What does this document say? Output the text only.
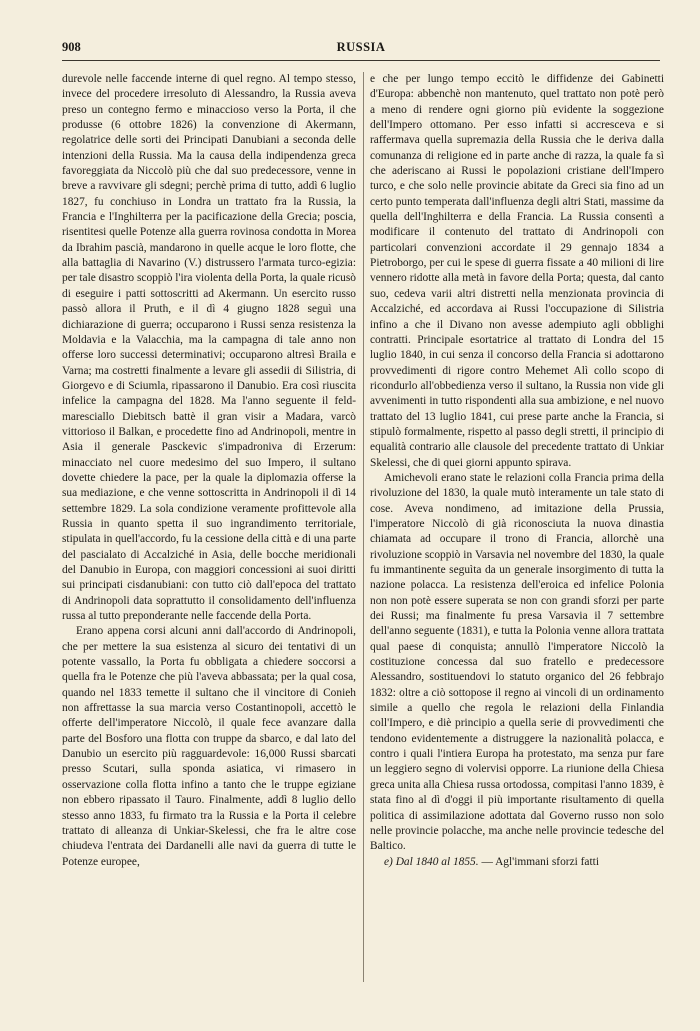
908	RUSSIA

durevole nelle faccende interne di quel regno. Al tempo stesso, invece del procedere irresoluto di Alessandro, la Russia aveva preso un contegno fermo e minaccioso verso la Porta, il che produsse (6 ottobre 1826) la convenzione di Akermann, regolatrice delle sorti dei Principati Danubiani a seconda delle intenzioni della Russia. Ma la causa della indipendenza greca favoreggiata da Niccolò più che dal suo predecessore, venne in breve a ravvivare gli sdegni; perchè prima di tutto, addì 6 luglio 1827, fu conchiuso in Londra un trattato fra la Russia, la Francia e l'Inghilterra per la pacificazione della Grecia; poscia, risentitesi quelle Potenze alla guerra rovinosa condotta in Morea da Ibrahim pascià, mandarono in quelle acque le loro flotte, che alla battaglia di Navarino (V.) distrussero l'armata turco-egizia: per tale disastro scoppiò l'ira violenta della Porta, la quale ricusò di eseguire i patti sottoscritti ad Akermann. Un esercito russo passò allora il Pruth, e il dì 4 giugno 1828 seguì una dichiarazione di guerra; occuparono i Russi senza resistenza la Moldavia e la Valacchia, ma la campagna di tale anno non offerse loro successi determinativi; occuparono altresì Braila e Varna; ma costretti finalmente a levare gli assedii di Silistria, di Giorgevo e di Sciumla, ripassarono il Danubio. Era così riuscita infelice la campagna del 1828. Ma l'anno seguente il feld-maresciallo Diebitsch battè il gran visir a Madara, varcò vittorioso il Balkan, e procedette fino ad Andrinopoli, mentre in Asia il generale Pasckevic s'impadroniva di Erzerum: minacciato nel cuore medesimo del suo Impero, il sultano dovette chiedere la pace, per la quale la diplomazia offerse la sua mediazione, e che venne sottoscritta in Andrinopoli il dì 14 settembre 1829. La sola condizione veramente profittevole alla Russia in quanto spetta il suo ingrandimento territoriale, stipulata in quell'accordo, fu la cessione della città e di una parte del pascialato di Accalziché in Asia, delle bocche meridionali del Danubio in Europa, con maggiori concessioni ai suoi diritti sui principati cisdanubiani: con tutto ciò dall'epoca del trattato di Andrinopoli data soprattutto il consolidamento dell'influenza russa al tutto preponderante nelle faccende della Porta.

Erano appena corsi alcuni anni dall'accordo di Andrinopoli, che per mettere la sua esistenza al sicuro dei tentativi di un potente vassallo, la Porta fu obbligata a chiedere soccorsi a quella fra le Potenze che più l'aveva abbassata; per la qual cosa, quando nel 1833 temette il sultano che il vincitore di Conieh non affrettasse la sua marcia verso Costantinopoli, accettò le offerte dell'imperatore Niccolò, il quale fece avanzare dalla parte del Bosforo una flotta con truppe da sbarco, e dal lato del Danubio un esercito più ragguardevole: 16,000 Russi sbarcati presso Scutari, sulla sponda asiatica, vi rimasero in osservazione colla flotta infino a tanto che le truppe egiziane non ebbero ripassato il Tauro. Finalmente, addì 8 luglio dello stesso anno 1833, fu firmato tra la Russia e la Porta il celebre trattato di alleanza di Unkiar-Skelessi, che fra le altre cose chiudeva l'entrata dei Dardanelli alle navi da guerra di tutte le Potenze europee,

e che per lungo tempo eccitò le diffidenze dei Gabinetti d'Europa: abbenchè non mantenuto, quel trattato non potè però a meno di rendere ogni giorno più evidente la soggezione dell'Impero ottomano. Per esso infatti si accresceva e si raffermava quella supremazia della Russia che le deriva dalla comunanza di religione ed in parte anche di razza, la quale fa sì che aderiscano ai Russi le popolazioni cristiane dell'Impero turco, e che solo nelle provincie abitate da Greci sia fino ad un certo punto temperata dall'influenza degli altri Stati, massime da quella dell'Inghilterra e della Francia. La Russia consentì a modificare il contenuto del trattato di Andrinopoli con particolari convenzioni accordate il 29 gennajo 1834 a Pietroborgo, per cui le spese di guerra fissate a 40 milioni di lire vennero ridotte alla metà in favore della Porta; questa, dal canto suo, cedeva varii altri distretti nella menzionata provincia di Accalziché, ed accordava ai Russi l'occupazione di Silistria infino a che il Divano non avesse adempiuto agli obblighi contratti. Principale esortatrice al trattato di Londra del 15 luglio 1840, in cui senza il concorso della Francia si adottarono provvedimenti di rigore contro Mehemet Alì collo scopo di ricondurlo all'obbedienza verso il sultano, la Russia non vide gli avvenimenti in tutto rispondenti alla sua ambizione, e nel nuovo trattato del 13 luglio 1841, cui prese parte anche la Francia, si stipulò formalmente, rispetto al passo degli stretti, il principio di equalità contrario alle clausole del precedente trattato di Unkiar Skelessi, che di quei giorni appunto spirava.

Amichevoli erano state le relazioni colla Francia prima della rivoluzione del 1830, la quale mutò interamente un tale stato di cose. Aveva nondimeno, ad imitazione della Prussia, l'imperatore Niccolò di già riconosciuta la nuova dinastia chiamata ad occupare il trono di Francia, allorchè una rivoluzione scoppiò in Varsavia nel novembre del 1830, la quale fu immantinente seguìta da un generale insorgimento di tutta la nazione polacca. La resistenza dell'eroica ed infelice Polonia non non potè essere superata se non con grandi sforzi per parte dei Russi; ma finalmente fu presa Varsavia il 7 settembre dell'anno seguente (1831), e tutta la Polonia venne allora trattata qual paese di conquista; annullò l'imperatore Niccolò la costituzione concessa dal suo fratello e predecessore Alessandro, sostituendovi lo statuto organico del 26 febbrajo 1832: oltre a ciò sottopose il regno ai vincoli di un ordinamento simile a quello che regola le relazioni della Finlandia coll'Impero, e diè principio a quella serie di provvedimenti che tendono evidentemente a distruggere la nazionalità polacca, e contro i quali l'intiera Europa ha protestato, ma senza pur fare un leggiero segno di volervisi opporre. La riunione della Chiesa greca unita alla Chiesa russa ortodossa, compitasi l'anno 1839, è stata fino al dì d'oggi il più importante risultamento di quella politica di assimilazione adottata dal Governo russo non solo nelle provincie polacche, ma anche nelle provincie tedesche del Baltico.

e) Dal 1840 al 1855. — Agl'immani sforzi fatti
